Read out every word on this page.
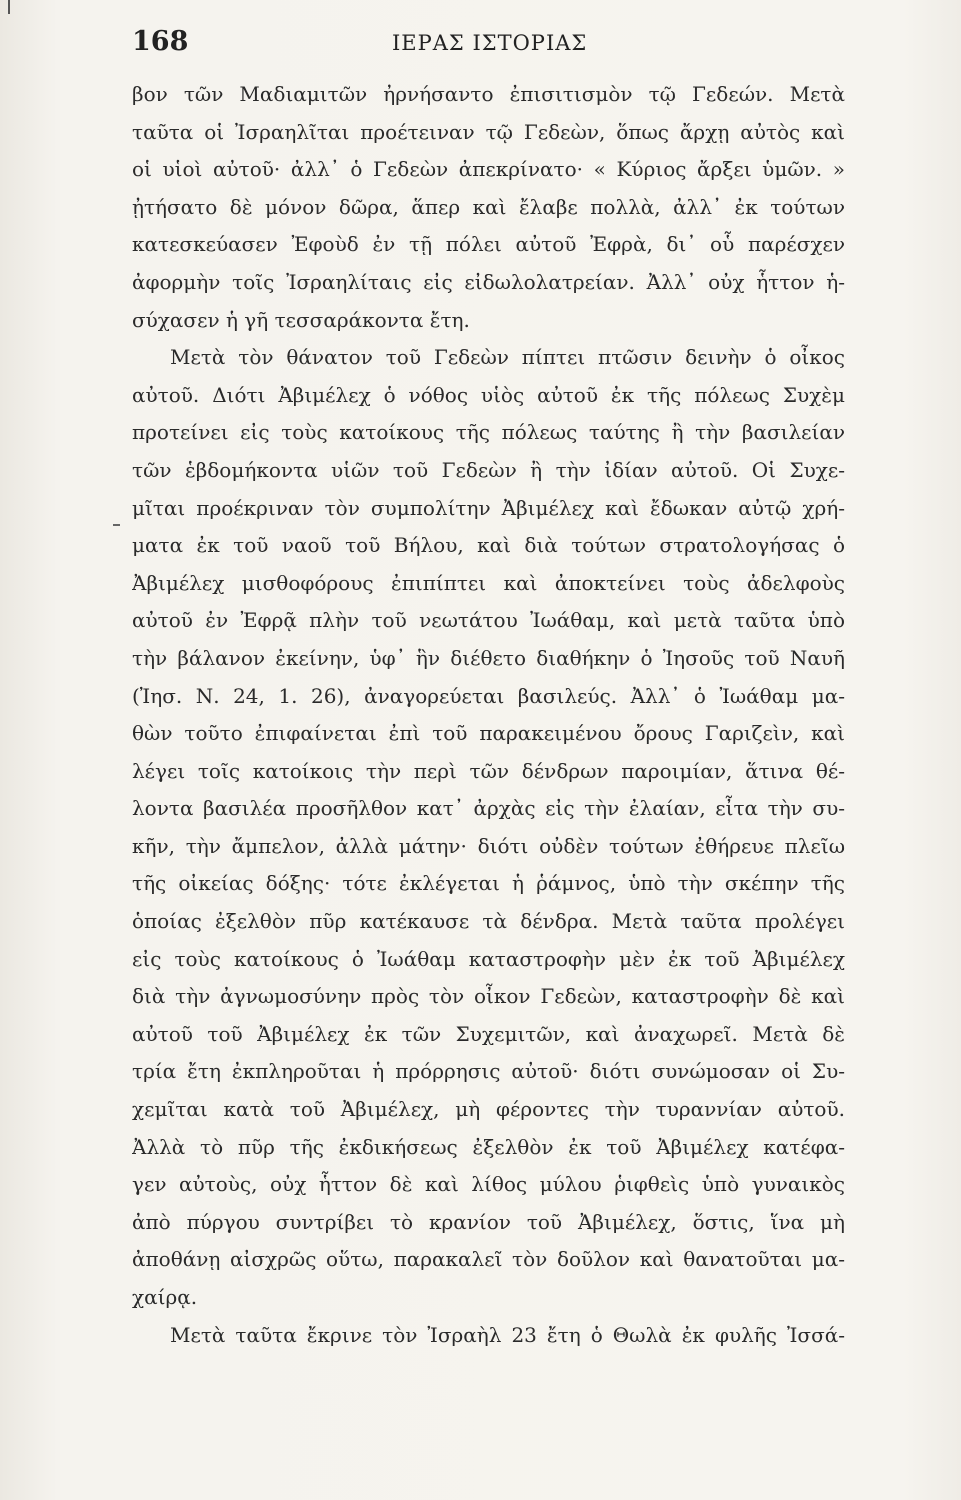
168	ΙΕΡΑΣ ΙΣΤΟΡΙΑΣ
βον τῶν Μαδιαμιτῶν ἠρνήσαντο ἐπισιτισμὸν τῷ Γεδεών. Μετὰ
ταῦτα οἱ Ἰσραηλῖται προέτειναν τῷ Γεδεὼν, ὅπως ἄρχῃ αὐτὸς καὶ
οἱ υἱοὶ αὐτοῦ· ἀλλ᾽ ὁ Γεδεὼν ἀπεκρίνατο· « Κύριος ἄρξει ὑμῶν. »
ᾐτήσατο δὲ μόνον δῶρα, ἅπερ καὶ ἔλαβε πολλὰ, ἀλλ᾽ ἐκ τούτων
κατεσκεύασεν Ἐφοὺδ ἐν τῇ πόλει αὐτοῦ Ἐφρὰ, δι᾽ οὗ παρέσχεν
ἀφορμὴν τοῖς Ἰσραηλίταις εἰς εἰδωλολατρείαν. Ἀλλ᾽ οὐχ ἧττον ἡ-
σύχασεν ἡ γῆ τεσσαράκοντα ἔτη.
Μετὰ τὸν θάνατον τοῦ Γεδεὼν πίπτει πτῶσιν δεινὴν ὁ οἶκος
αὐτοῦ. Διότι Ἀβιμέλεχ ὁ νόθος υἱὸς αὐτοῦ ἐκ τῆς πόλεως Συχὲμ
προτείνει εἰς τοὺς κατοίκους τῆς πόλεως ταύτης ἢ τὴν βασιλείαν
τῶν ἑβδομήκοντα υἱῶν τοῦ Γεδεὼν ἢ τὴν ἰδίαν αὐτοῦ. Οἱ Συχε-
μῖται προέκριναν τὸν συμπολίτην Ἀβιμέλεχ καὶ ἔδωκαν αὐτῷ χρή-
ματα ἐκ τοῦ ναοῦ τοῦ Βήλου, καὶ διὰ τούτων στρατολογήσας ὁ
Ἀβιμέλεχ μισθοφόρους ἐπιπίπτει καὶ ἀποκτείνει τοὺς ἀδελφοὺς
αὐτοῦ ἐν Ἐφρᾷ πλὴν τοῦ νεωτάτου Ἰωάθαμ, καὶ μετὰ ταῦτα ὑπὸ
τὴν βάλανον ἐκείνην, ὑφ᾽ ἣν διέθετο διαθήκην ὁ Ἰησοῦς τοῦ Ναυῆ
(Ἰησ. Ν. 24, 1. 26), ἀναγορεύεται βασιλεύς. Ἀλλ᾽ ὁ Ἰωάθαμ μα-
θὼν τοῦτο ἐπιφαίνεται ἐπὶ τοῦ παρακειμένου ὄρους Γαριζεὶν, καὶ
λέγει τοῖς κατοίκοις τὴν περὶ τῶν δένδρων παροιμίαν, ἅτινα θέ-
λοντα βασιλέα προσῆλθον κατ᾽ ἀρχὰς εἰς τὴν ἐλαίαν, εἶτα τὴν συ-
κῆν, τὴν ἄμπελον, ἀλλὰ μάτην· διότι οὐδὲν τούτων ἐθήρευε πλεῖω
τῆς οἰκείας δόξης· τότε ἐκλέγεται ἡ ῥάμνος, ὑπὸ τὴν σκέπην τῆς
ὁποίας ἐξελθὸν πῦρ κατέκαυσε τὰ δένδρα. Μετὰ ταῦτα προλέγει
εἰς τοὺς κατοίκους ὁ Ἰωάθαμ καταστροφὴν μὲν ἐκ τοῦ Ἀβιμέλεχ
διὰ τὴν ἀγνωμοσύνην πρὸς τὸν οἶκον Γεδεὼν, καταστροφὴν δὲ καὶ
αὐτοῦ τοῦ Ἀβιμέλεχ ἐκ τῶν Συχεμιτῶν, καὶ ἀναχωρεῖ. Μετὰ δὲ
τρία ἔτη ἐκπληροῦται ἡ πρόρρησις αὐτοῦ· διότι συνώμοσαν οἱ Συ-
χεμῖται κατὰ τοῦ Ἀβιμέλεχ, μὴ φέροντες τὴν τυραννίαν αὐτοῦ.
Ἀλλὰ τὸ πῦρ τῆς ἐκδικήσεως ἐξελθὸν ἐκ τοῦ Ἀβιμέλεχ κατέφα-
γεν αὐτοὺς, οὐχ ἧττον δὲ καὶ λίθος μύλου ῥιφθεὶς ὑπὸ γυναικὸς
ἀπὸ πύργου συντρίβει τὸ κρανίον τοῦ Ἀβιμέλεχ, ὅστις, ἵνα μὴ
ἀποθάνῃ αἰσχρῶς οὕτω, παρακαλεῖ τὸν δοῦλον καὶ θανατοῦται μα-
χαίρᾳ.
Μετὰ ταῦτα ἔκρινε τὸν Ἰσραὴλ 23 ἔτη ὁ Θωλὰ ἐκ φυλῆς Ἰσσά-
